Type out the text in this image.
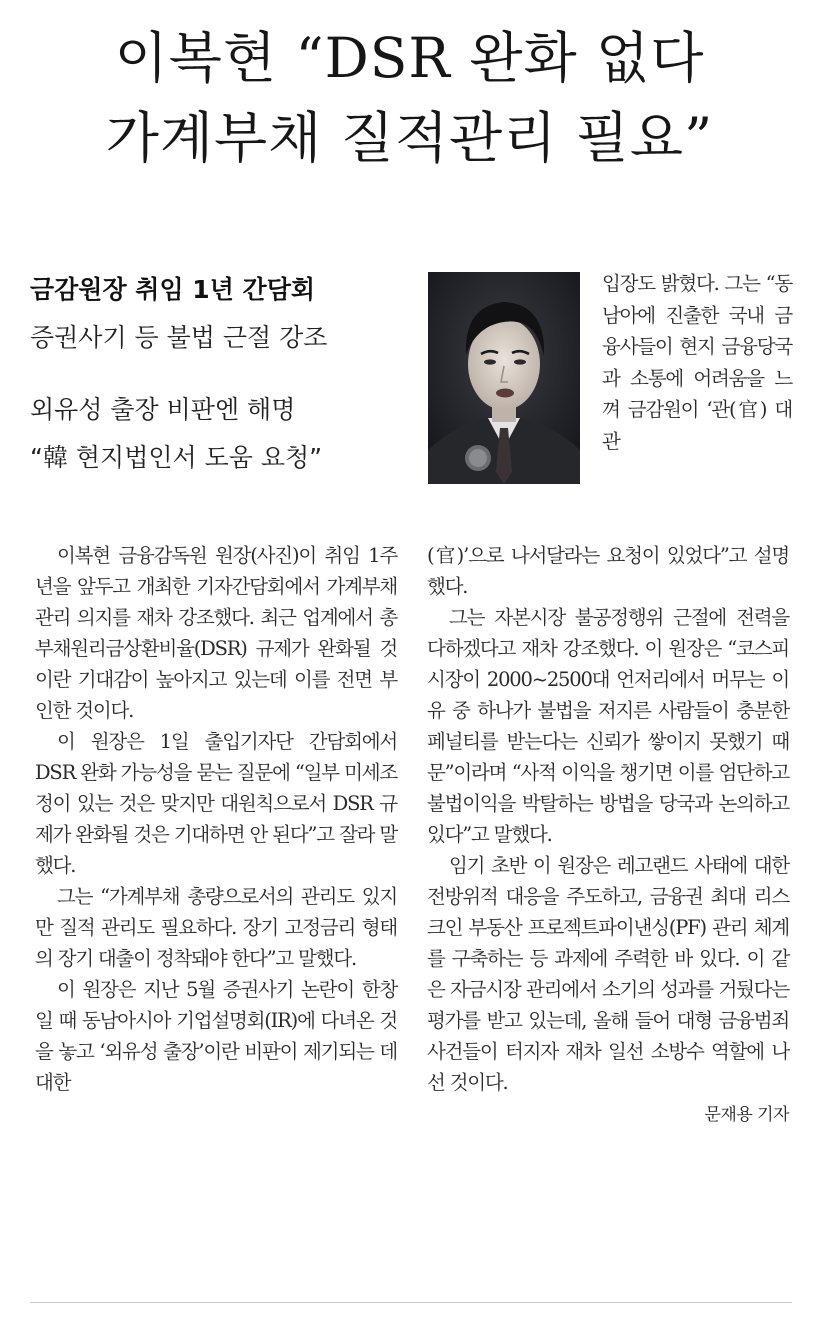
이복현 “DSR 완화 없다
가계부채 질적관리 필요”
금감원장 취임 1년 간담회
증권사기 등 불법 근절 강조
외유성 출장 비판엔 해명
“韓 현지법인서 도움 요청”
입장도 밝혔다. 그는 “동남아에 진출한 국내 금융사들이 현지 금융당국과 소통에 어려움을 느껴 금감원이 ‘관(官) 대 관

이복현 금융감독원 원장(사진)이 취임 1주년을 앞두고 개최한 기자간담회에서 가계부채 관리 의지를 재차 강조했다. 최근 업계에서 총부채원리금상환비율(DSR) 규제가 완화될 것이란 기대감이 높아지고 있는데 이를 전면 부인한 것이다.

이 원장은 1일 출입기자단 간담회에서 DSR 완화 가능성을 묻는 질문에 “일부 미세조정이 있는 것은 맞지만 대원칙으로서 DSR 규제가 완화될 것은 기대하면 안 된다”고 잘라 말했다.

그는 “가계부채 총량으로서의 관리도 있지만 질적 관리도 필요하다. 장기 고정금리 형태의 장기 대출이 정착돼야 한다”고 말했다.

이 원장은 지난 5월 증권사기 논란이 한창일 때 동남아시아 기업설명회(IR)에 다녀온 것을 놓고 ‘외유성 출장’이란 비판이 제기되는 데 대한

(官)’으로 나서달라는 요청이 있었다”고 설명했다.

그는 자본시장 불공정행위 근절에 전력을 다하겠다고 재차 강조했다. 이 원장은 “코스피 시장이 2000~2500대 언저리에서 머무는 이유 중 하나가 불법을 저지른 사람들이 충분한 페널티를 받는다는 신뢰가 쌓이지 못했기 때문”이라며 “사적 이익을 챙기면 이를 엄단하고 불법이익을 박탈하는 방법을 당국과 논의하고 있다”고 말했다.

임기 초반 이 원장은 레고랜드 사태에 대한 전방위적 대응을 주도하고, 금융권 최대 리스크인 부동산 프로젝트파이낸싱(PF) 관리 체계를 구축하는 등 과제에 주력한 바 있다. 이 같은 자금시장 관리에서 소기의 성과를 거뒀다는 평가를 받고 있는데, 올해 들어 대형 금융범죄 사건들이 터지자 재차 일선 소방수 역할에 나선 것이다.

문재용 기자
